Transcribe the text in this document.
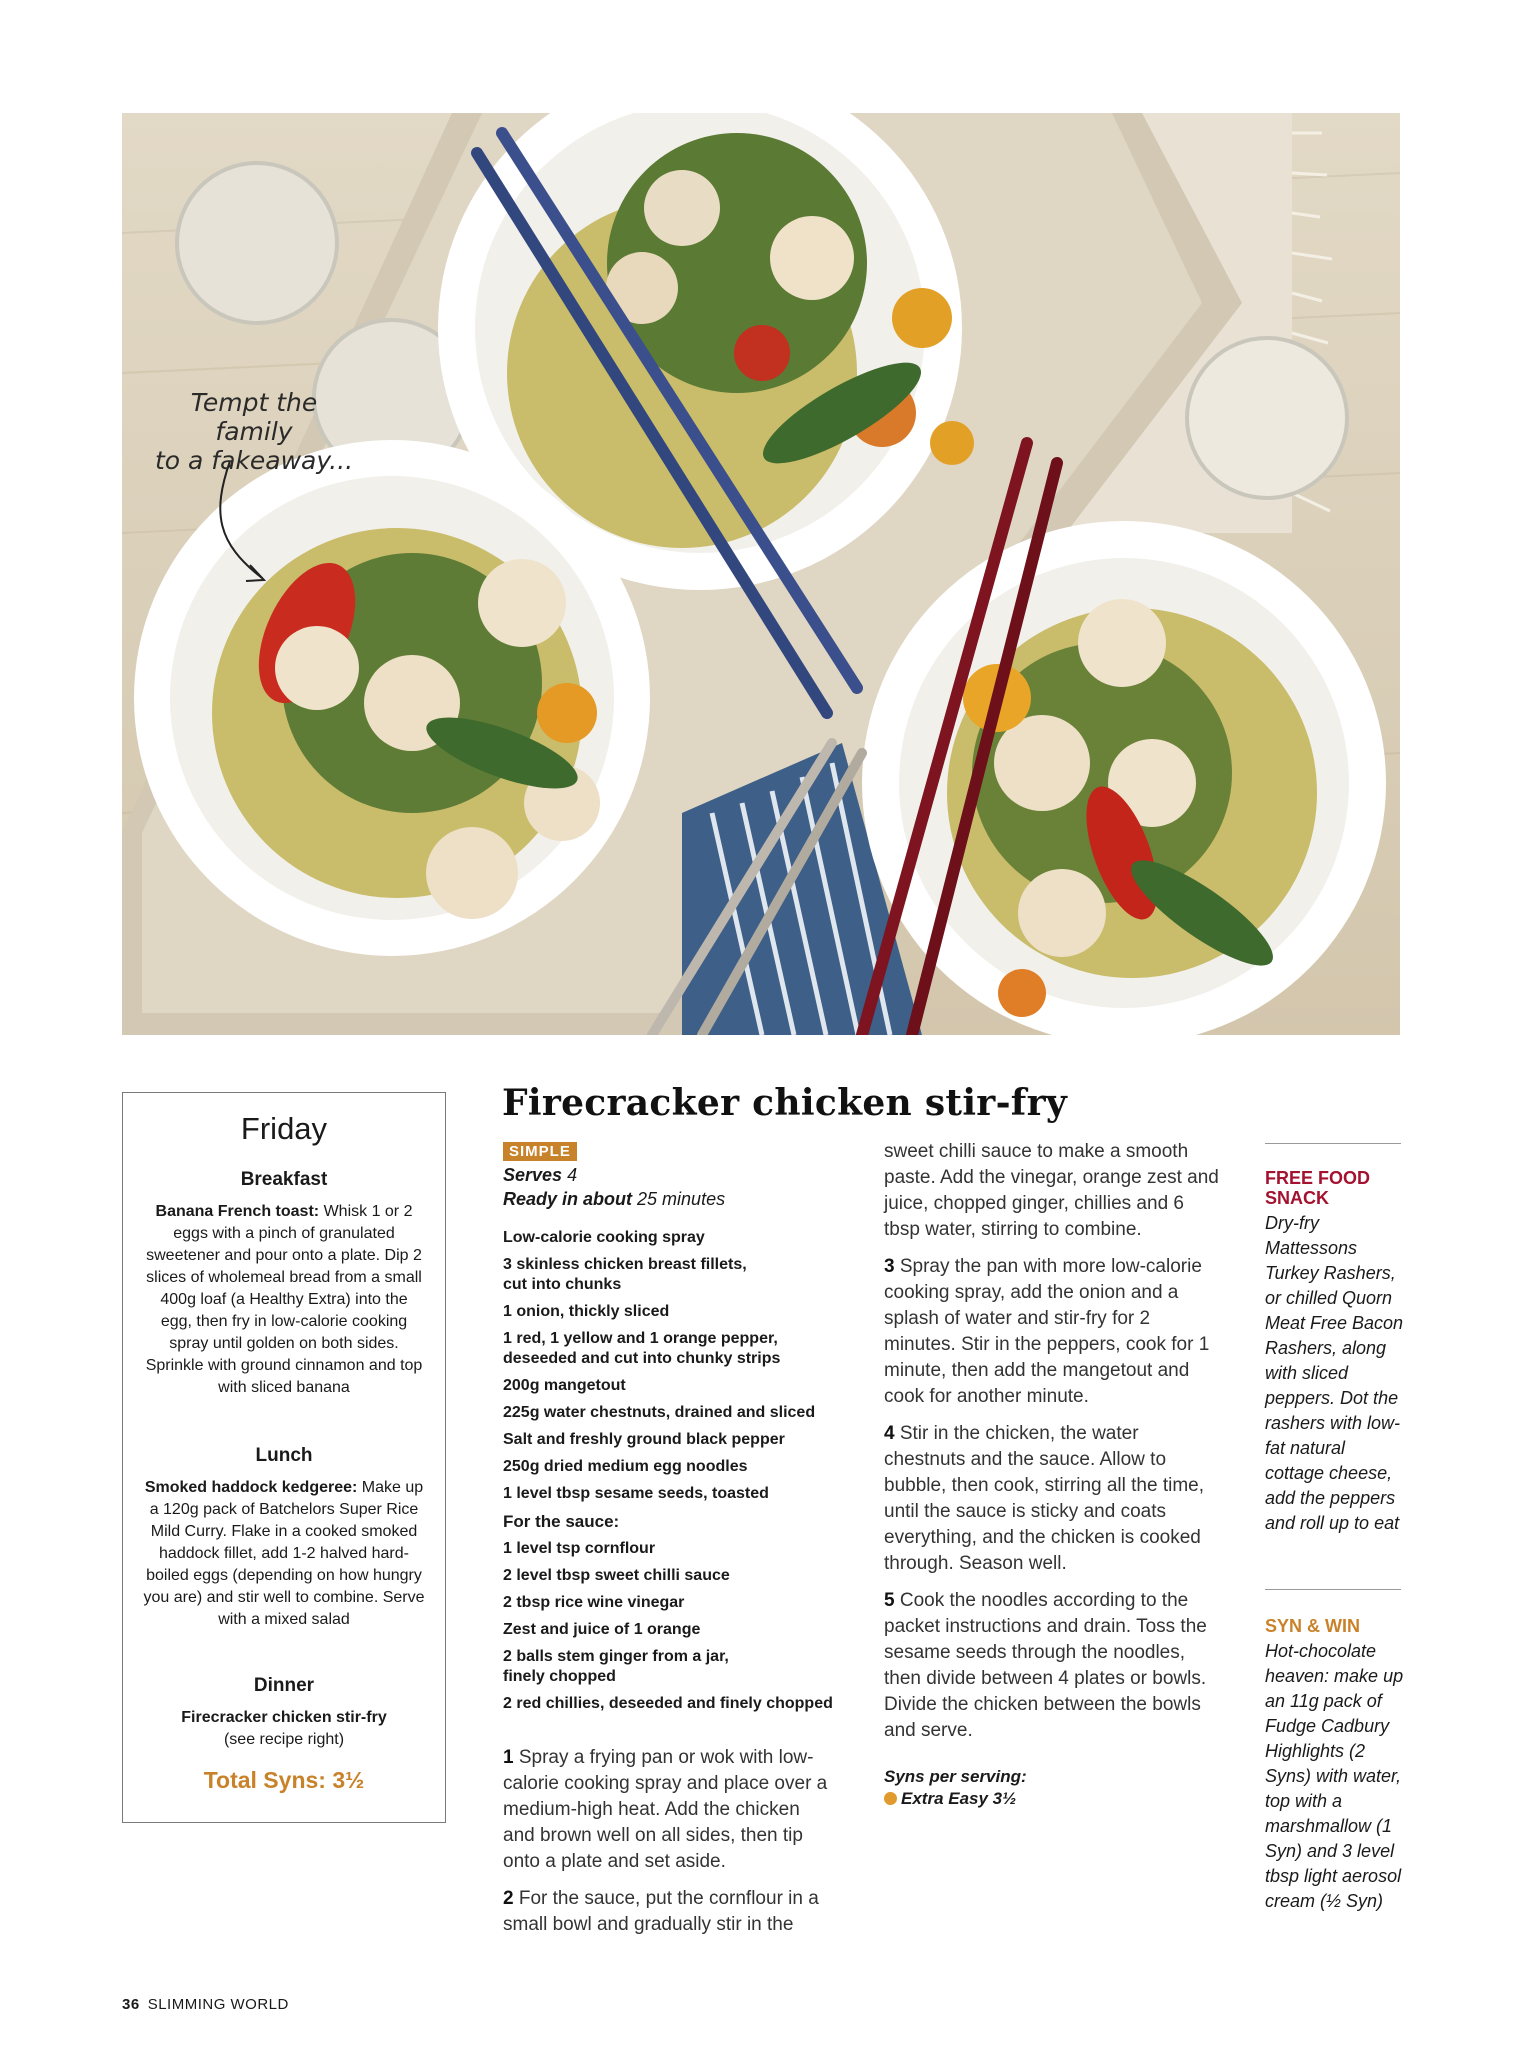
Tempt the family
to a fakeaway...
Friday
Breakfast
Banana French toast: Whisk 1 or 2 eggs with a pinch of granulated sweetener and pour onto a plate. Dip 2 slices of wholemeal bread from a small 400g loaf (a Healthy Extra) into the egg, then fry in low-calorie cooking spray until golden on both sides. Sprinkle with ground cinnamon and top with sliced banana
Lunch
Smoked haddock kedgeree: Make up a 120g pack of Batchelors Super Rice Mild Curry. Flake in a cooked smoked haddock fillet, add 1-2 halved hard-boiled eggs (depending on how hungry you are) and stir well to combine. Serve with a mixed salad
Dinner
Firecracker chicken stir-fry
(see recipe right)
Total Syns: 3½
Firecracker chicken stir-fry
SIMPLE
Serves 4
Ready in about 25 minutes
Low-calorie cooking spray
3 skinless chicken breast fillets, cut into chunks
1 onion, thickly sliced
1 red, 1 yellow and 1 orange pepper, deseeded and cut into chunky strips
200g mangetout
225g water chestnuts, drained and sliced
Salt and freshly ground black pepper
250g dried medium egg noodles
1 level tbsp sesame seeds, toasted
For the sauce:
1 level tsp cornflour
2 level tbsp sweet chilli sauce
2 tbsp rice wine vinegar
Zest and juice of 1 orange
2 balls stem ginger from a jar, finely chopped
2 red chillies, deseeded and finely chopped
1 Spray a frying pan or wok with low-calorie cooking spray and place over a medium-high heat. Add the chicken and brown well on all sides, then tip onto a plate and set aside.
2 For the sauce, put the cornflour in a small bowl and gradually stir in the
sweet chilli sauce to make a smooth paste. Add the vinegar, orange zest and juice, chopped ginger, chillies and 6 tbsp water, stirring to combine.
3 Spray the pan with more low-calorie cooking spray, add the onion and a splash of water and stir-fry for 2 minutes. Stir in the peppers, cook for 1 minute, then add the mangetout and cook for another minute.
4 Stir in the chicken, the water chestnuts and the sauce. Allow to bubble, then cook, stirring all the time, until the sauce is sticky and coats everything, and the chicken is cooked through. Season well.
5 Cook the noodles according to the packet instructions and drain. Toss the sesame seeds through the noodles, then divide between 4 plates or bowls. Divide the chicken between the bowls and serve.
Syns per serving:
Extra Easy 3½
FREE FOOD
SNACK
Dry-fry Mattessons Turkey Rashers, or chilled Quorn Meat Free Bacon Rashers, along with sliced peppers. Dot the rashers with low-fat natural cottage cheese, add the peppers and roll up to eat
SYN & WIN
Hot-chocolate heaven: make up an 11g pack of Fudge Cadbury Highlights (2 Syns) with water, top with a marshmallow (1 Syn) and 3 level tbsp light aerosol cream (½ Syn)
36 SLIMMING WORLD
